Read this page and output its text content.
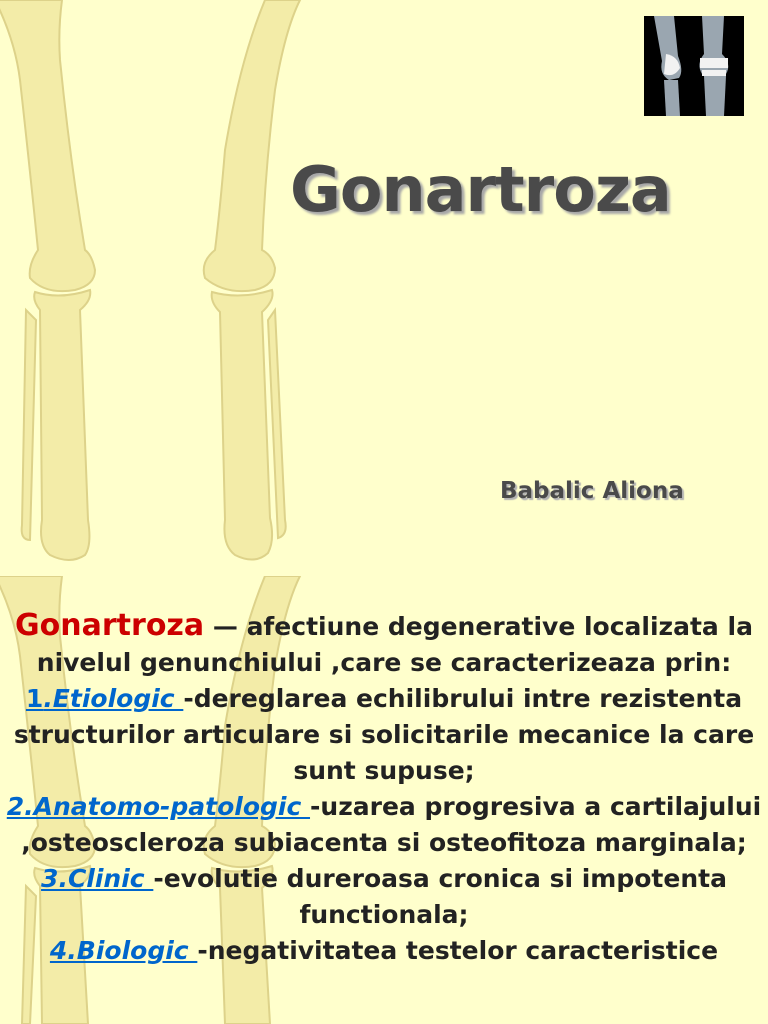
Gonartroza
Babalic Aliona

Gonartroza — afectiune degenerative localizata la nivelul genunchiului ,care se caracterizeaza prin:

1.Etiologic -dereglarea echilibrului intre rezistenta structurilor articulare si solicitarile mecanice la care sunt supuse;

2.Anatomo-patologic -uzarea progresiva a cartilajului ,osteoscleroza subiacenta si osteofitoza marginala;

3.Clinic -evolutie dureroasa cronica si impotenta functionala;

4.Biologic -negativitatea testelor caracteristice
